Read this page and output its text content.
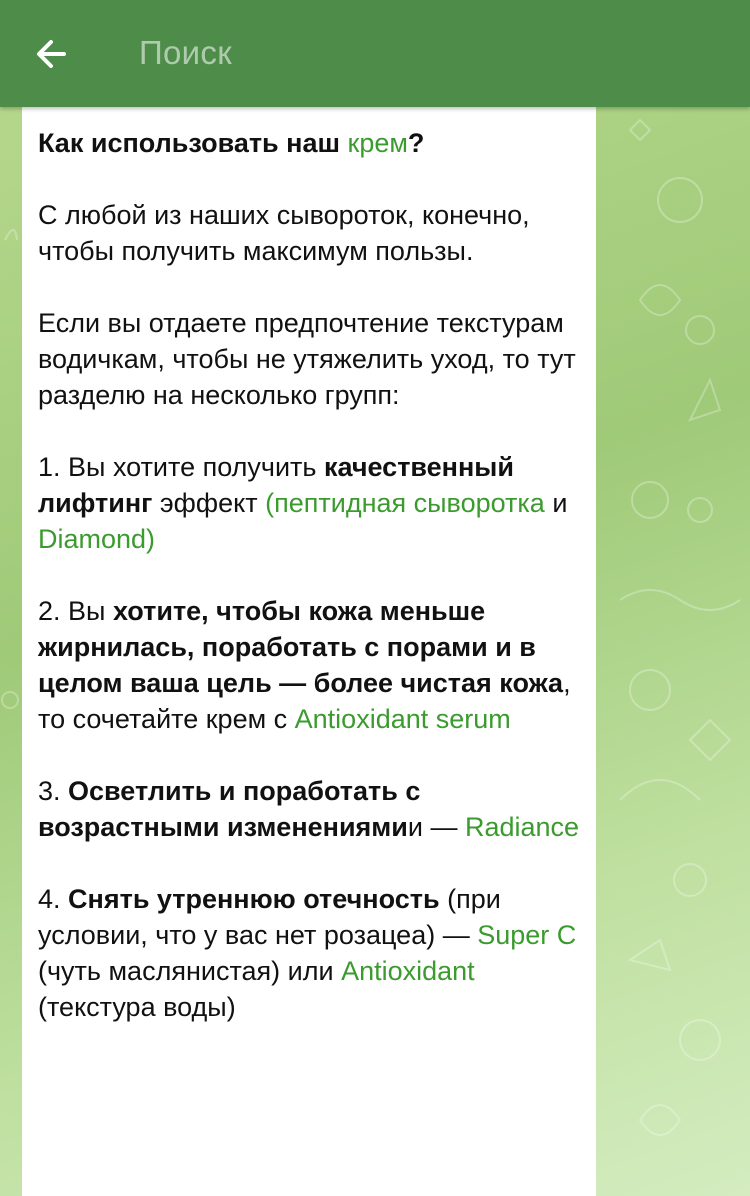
Поиск

Как использовать наш крем?

С любой из наших сывороток, конечно, чтобы получить максимум пользы.

Если вы отдаете предпочтение текстурам водичкам, чтобы не утяжелить уход, то тут разделю на несколько групп:

1. Вы хотите получить качественный лифтинг эффект (пептидная сыворотка и Diamond)

2. Вы хотите, чтобы кожа меньше жирнилась, поработать с порами и в целом ваша цель — более чистая кожа, то сочетайте крем с Antioxidant serum

3. Осветлить и поработать с возрастными изменениямии — Radiance

4. Снять утреннюю отечность (при условии, что у вас нет розацеа) — Super C (чуть маслянистая) или Antioxidant (текстура воды)
